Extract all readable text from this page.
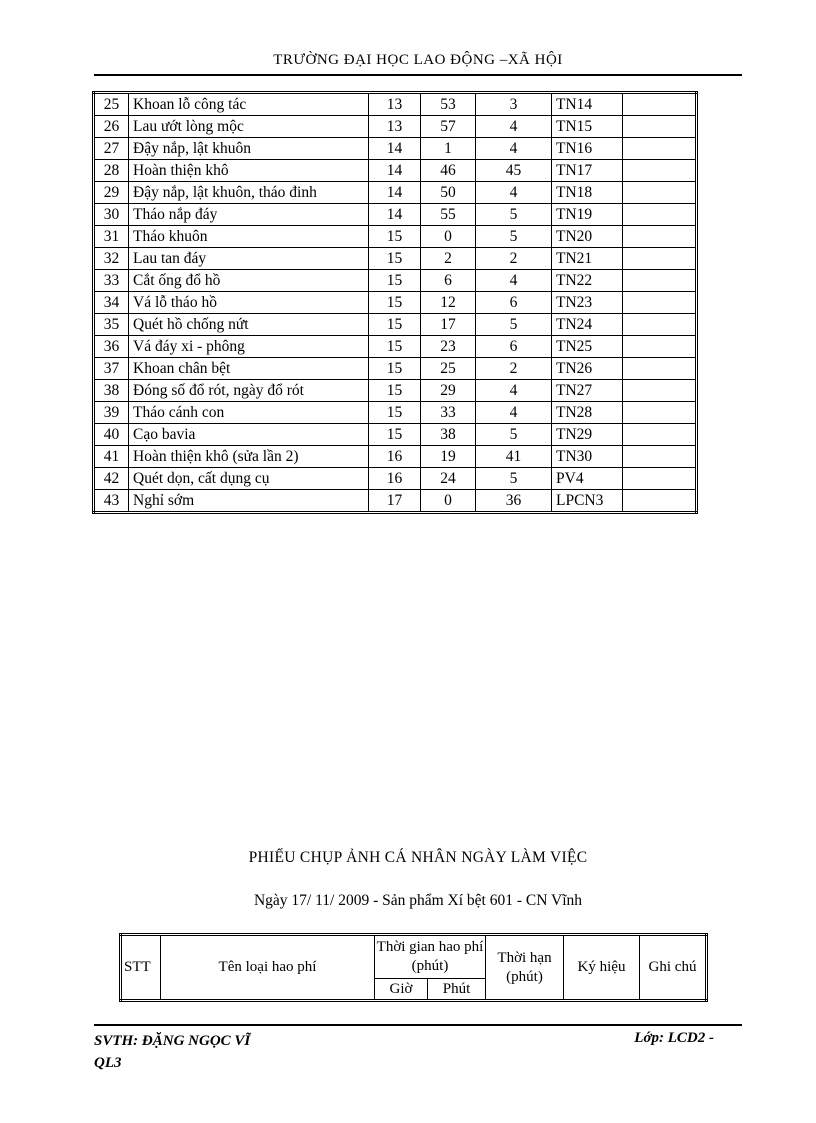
TRƯỜNG ĐẠI HỌC LAO ĐỘNG –XÃ HỘI
25	Khoan lỗ công tác	13	53	3	TN14	
26	Lau ướt lòng mộc	13	57	4	TN15	
27	Đậy nắp, lật khuôn	14	1	4	TN16	
28	Hoàn thiện khô	14	46	45	TN17	
29	Đậy nắp, lật khuôn, tháo đinh	14	50	4	TN18	
30	Tháo nắp đáy	14	55	5	TN19	
31	Tháo khuôn	15	0	5	TN20	
32	Lau tan đáy	15	2	2	TN21	
33	Cắt ống đổ hồ	15	6	4	TN22	
34	Vá lỗ tháo hồ	15	12	6	TN23	
35	Quét hồ chống nứt	15	17	5	TN24	
36	Vá đáy xi - phông	15	23	6	TN25	
37	Khoan chân bệt	15	25	2	TN26	
38	Đóng số đổ rót, ngày đổ rót	15	29	4	TN27	
39	Tháo cánh con	15	33	4	TN28	
40	Cạo bavia	15	38	5	TN29	
41	Hoàn thiện khô (sửa lần 2)	16	19	41	TN30	
42	Quét dọn, cất dụng cụ	16	24	5	PV4	
43	Nghỉ sớm	17	0	36	LPCN3	
PHIẾU CHỤP ẢNH CÁ NHÂN NGÀY LÀM VIỆC
Ngày 17/ 11/ 2009 - Sản phẩm Xí bệt 601 - CN Vĩnh
STT	Tên loại hao phí	Thời gian hao phí (phút)		Thời hạn (phút)	Ký hiệu	Ghi chú
		Giờ	Phút			
SVTH: ĐẶNG NGỌC VĨ
QL3
Lớp: LCD2 -
